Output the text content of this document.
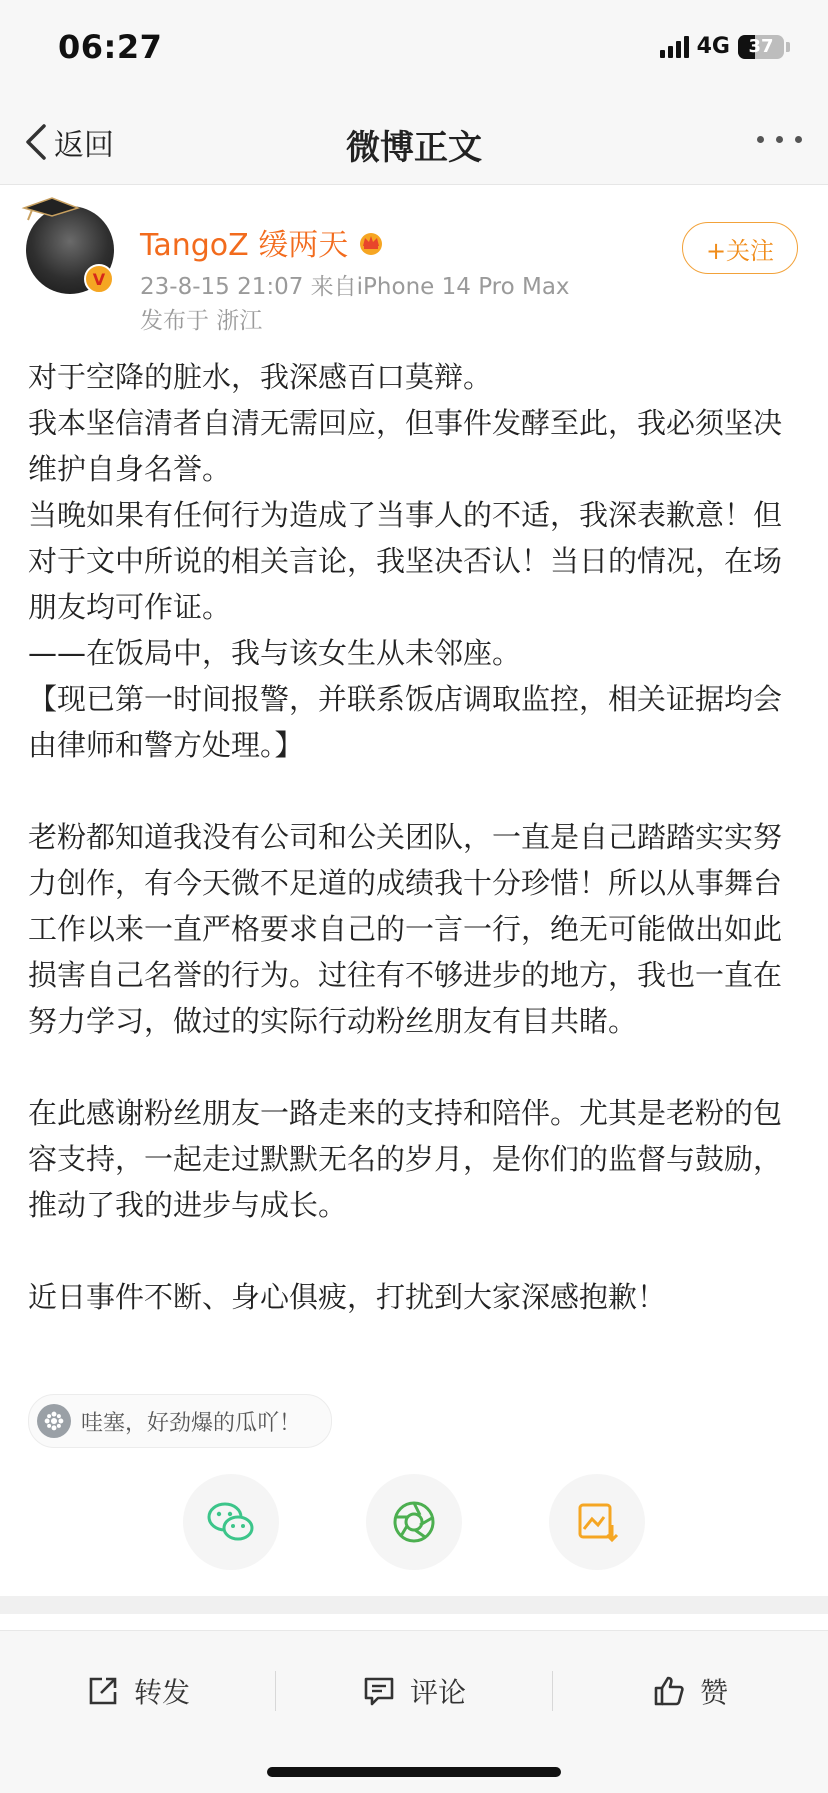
06:27	4G	37
返回	微博正文
V
TangoZ 缓两天
23-8-15 21:07 来自iPhone 14 Pro Max
发布于 浙江
+关注

对于空降的脏水，我深感百口莫辩。

我本坚信清者自清无需回应，但事件发酵至此，我必须坚决维护自身名誉。

当晚如果有任何行为造成了当事人的不适，我深表歉意！但对于文中所说的相关言论，我坚决否认！当日的情况，在场朋友均可作证。

——在饭局中，我与该女生从未邻座。

【现已第一时间报警，并联系饭店调取监控，相关证据均会由律师和警方处理。】

老粉都知道我没有公司和公关团队，一直是自己踏踏实实努力创作，有今天微不足道的成绩我十分珍惜！所以从事舞台工作以来一直严格要求自己的一言一行，绝无可能做出如此损害自己名誉的行为。过往有不够进步的地方，我也一直在努力学习，做过的实际行动粉丝朋友有目共睹。

在此感谢粉丝朋友一路走来的支持和陪伴。尤其是老粉的包容支持，一起走过默默无名的岁月，是你们的监督与鼓励，推动了我的进步与成长。

近日事件不断、身心俱疲，打扰到大家深感抱歉！

哇塞，好劲爆的瓜吖！
转发	评论	赞
